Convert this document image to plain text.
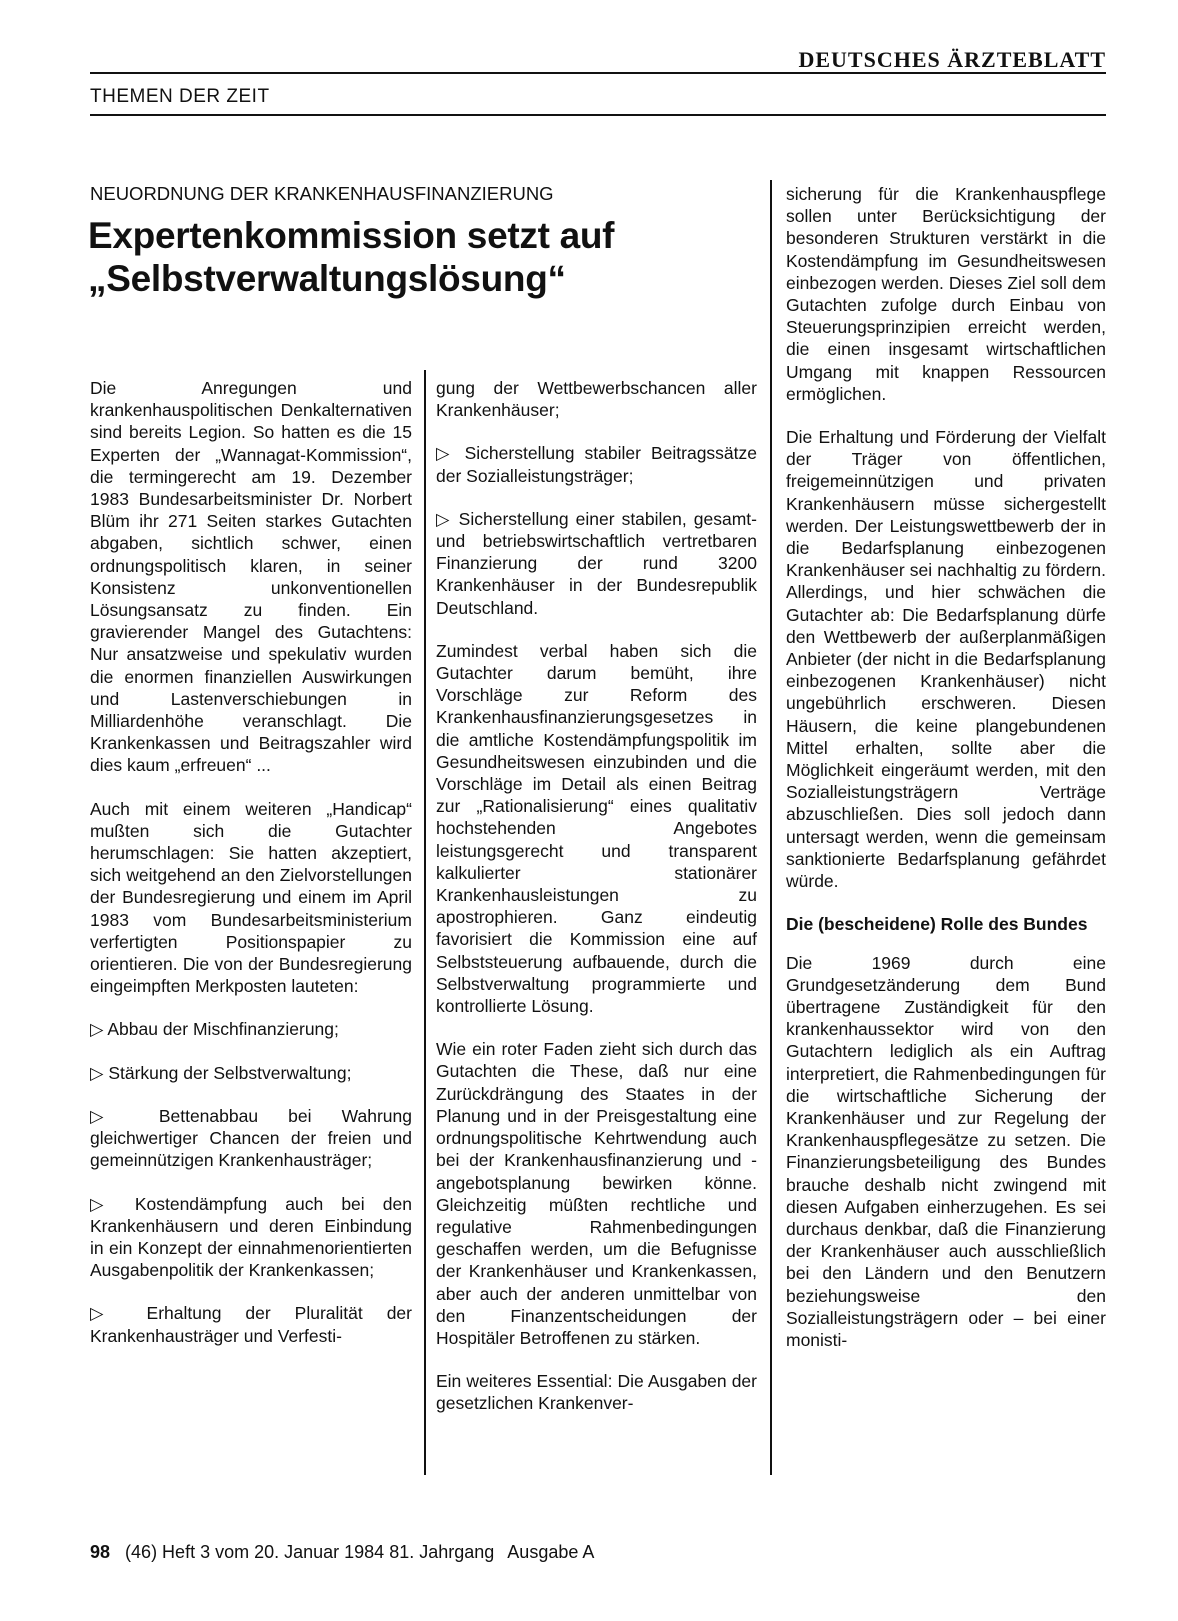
DEUTSCHES ÄRZTEBLATT
THEMEN DER ZEIT
NEUORDNUNG DER KRANKENHAUSFINANZIERUNG
Expertenkommission setzt auf „Selbstverwaltungslösung“

Die Anregungen und krankenhauspolitischen Denkalternativen sind bereits Legion. So hatten es die 15 Experten der „Wannagat-Kommission“, die termingerecht am 19. Dezember 1983 Bundesarbeitsminister Dr. Norbert Blüm ihr 271 Seiten starkes Gutachten abgaben, sichtlich schwer, einen ordnungspolitisch klaren, in seiner Konsistenz unkonventionellen Lösungsansatz zu finden. Ein gravierender Mangel des Gutachtens: Nur ansatzweise und spekulativ wurden die enormen finanziellen Auswirkungen und Lastenverschiebungen in Milliardenhöhe veranschlagt. Die Krankenkassen und Beitragszahler wird dies kaum „erfreuen“ ...

Auch mit einem weiteren „Handicap“ mußten sich die Gutachter herumschlagen: Sie hatten akzeptiert, sich weitgehend an den Zielvorstellungen der Bundesregierung und einem im April 1983 vom Bundesarbeitsministerium verfertigten Positionspapier zu orientieren. Die von der Bundesregierung eingeimpften Merkposten lauteten:

▷ Abbau der Mischfinanzierung;

▷ Stärkung der Selbstverwaltung;

▷ Bettenabbau bei Wahrung gleichwertiger Chancen der freien und gemeinnützigen Krankenhausträger;

▷ Kostendämpfung auch bei den Krankenhäusern und deren Einbindung in ein Konzept der einnahmenorientierten Ausgabenpolitik der Krankenkassen;

▷ Erhaltung der Pluralität der Krankenhausträger und Verfesti-

gung der Wettbewerbschancen aller Krankenhäuser;

▷ Sicherstellung stabiler Beitragssätze der Sozialleistungsträger;

▷ Sicherstellung einer stabilen, gesamt- und betriebswirtschaftlich vertretbaren Finanzierung der rund 3200 Krankenhäuser in der Bundesrepublik Deutschland.

Zumindest verbal haben sich die Gutachter darum bemüht, ihre Vorschläge zur Reform des Krankenhausfinanzierungsgesetzes in die amtliche Kostendämpfungspolitik im Gesundheitswesen einzubinden und die Vorschläge im Detail als einen Beitrag zur „Rationalisierung“ eines qualitativ hochstehenden Angebotes leistungsgerecht und transparent kalkulierter stationärer Krankenhausleistungen zu apostrophieren. Ganz eindeutig favorisiert die Kommission eine auf Selbststeuerung aufbauende, durch die Selbstverwaltung programmierte und kontrollierte Lösung.

Wie ein roter Faden zieht sich durch das Gutachten die These, daß nur eine Zurückdrängung des Staates in der Planung und in der Preisgestaltung eine ordnungspolitische Kehrtwendung auch bei der Krankenhausfinanzierung und -angebotsplanung bewirken könne. Gleichzeitig müßten rechtliche und regulative Rahmenbedingungen geschaffen werden, um die Befugnisse der Krankenhäuser und Krankenkassen, aber auch der anderen unmittelbar von den Finanzentscheidungen der Hospitäler Betroffenen zu stärken.

Ein weiteres Essential: Die Ausgaben der gesetzlichen Krankenver-

sicherung für die Krankenhauspflege sollen unter Berücksichtigung der besonderen Strukturen verstärkt in die Kostendämpfung im Gesundheitswesen einbezogen werden. Dieses Ziel soll dem Gutachten zufolge durch Einbau von Steuerungsprinzipien erreicht werden, die einen insgesamt wirtschaftlichen Umgang mit knappen Ressourcen ermöglichen.

Die Erhaltung und Förderung der Vielfalt der Träger von öffentlichen, freigemeinnützigen und privaten Krankenhäusern müsse sichergestellt werden. Der Leistungswettbewerb der in die Bedarfsplanung einbezogenen Krankenhäuser sei nachhaltig zu fördern. Allerdings, und hier schwächen die Gutachter ab: Die Bedarfsplanung dürfe den Wettbewerb der außerplanmäßigen Anbieter (der nicht in die Bedarfsplanung einbezogenen Krankenhäuser) nicht ungebührlich erschweren. Diesen Häusern, die keine plangebundenen Mittel erhalten, sollte aber die Möglichkeit eingeräumt werden, mit den Sozialleistungsträgern Verträge abzuschließen. Dies soll jedoch dann untersagt werden, wenn die gemeinsam sanktionierte Bedarfsplanung gefährdet würde.

Die (bescheidene) Rolle des Bundes

Die 1969 durch eine Grundgesetzänderung dem Bund übertragene Zuständigkeit für den krankenhaussektor wird von den Gutachtern lediglich als ein Auftrag interpretiert, die Rahmenbedingungen für die wirtschaftliche Sicherung der Krankenhäuser und zur Regelung der Krankenhauspflegesätze zu setzen. Die Finanzierungsbeteiligung des Bundes brauche deshalb nicht zwingend mit diesen Aufgaben einherzugehen. Es sei durchaus denkbar, daß die Finanzierung der Krankenhäuser auch ausschließlich bei den Ländern und den Benutzern beziehungsweise den Sozialleistungsträgern oder – bei einer monisti-

98 (46) Heft 3 vom 20. Januar 1984 81. Jahrgang Ausgabe A
